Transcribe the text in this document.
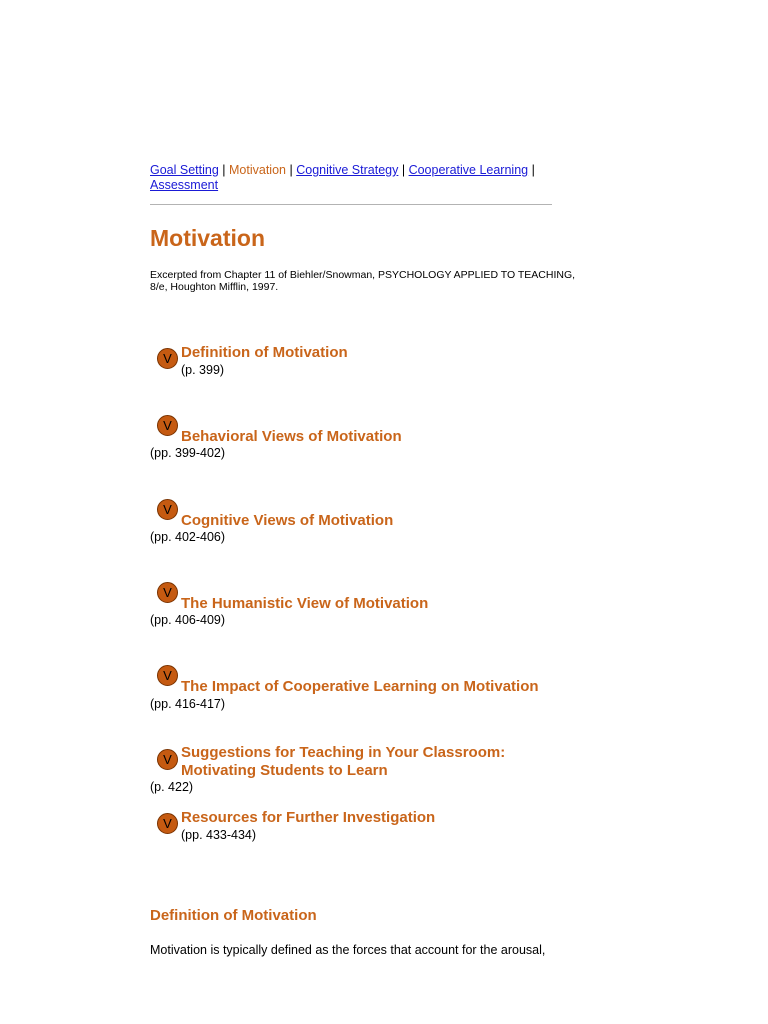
Goal Setting | Motivation | Cognitive Strategy | Cooperative Learning |
Assessment
Motivation
Excerpted from Chapter 11 of Biehler/Snowman, PSYCHOLOGY APPLIED TO TEACHING, 8/e, Houghton Mifflin, 1997.
V Definition of Motivation
(p. 399)
V
Behavioral Views of Motivation
(pp. 399-402)
V
Cognitive Views of Motivation
(pp. 402-406)
V
The Humanistic View of Motivation
(pp. 406-409)
V
The Impact of Cooperative Learning on Motivation
(pp. 416-417)
V Suggestions for Teaching in Your Classroom:
Motivating Students to Learn
(p. 422)
V Resources for Further Investigation
(pp. 433-434)
Definition of Motivation
Motivation is typically defined as the forces that account for the arousal,
